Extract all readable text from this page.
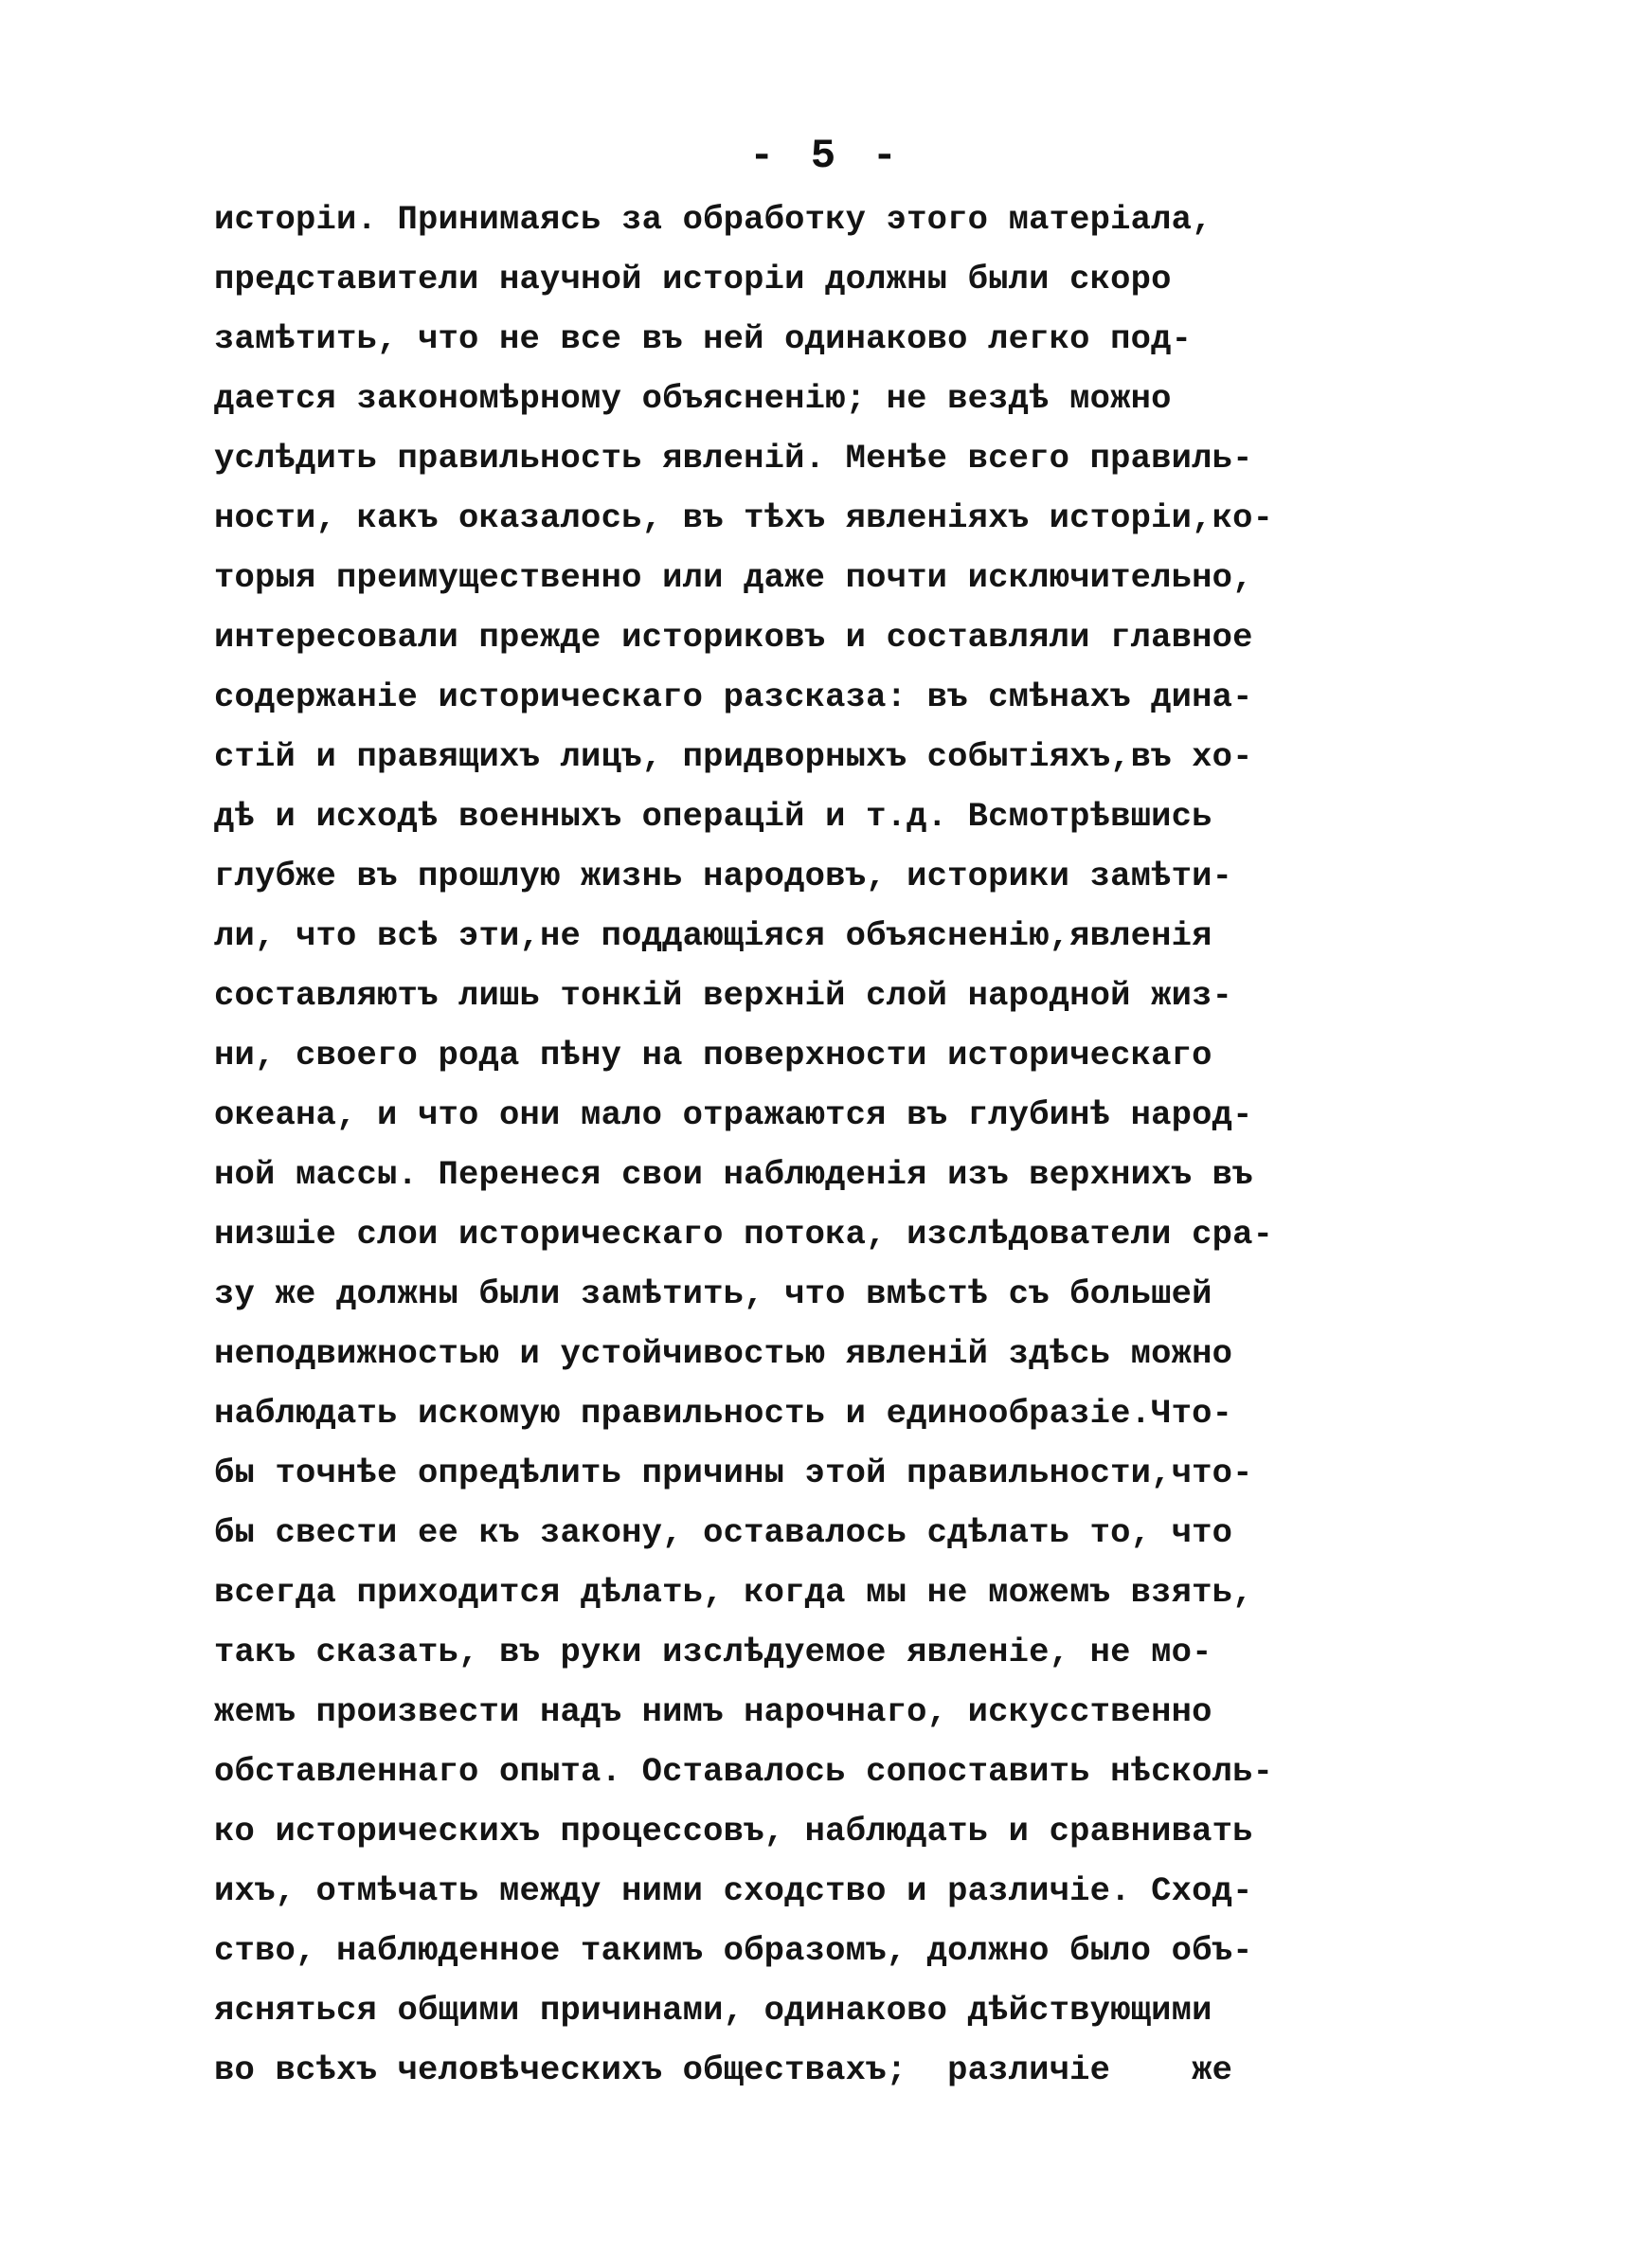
- 5 -
исторіи. Принимаясь за обработку этого матеріала,
представители научной исторіи должны были скоро
замѣтить, что не все въ ней одинаково легко под-
дается закономѣрному объясненію; не вездѣ можно
услѣдить правильность явленій. Менѣе всего правиль-
ности, какъ оказалось, въ тѣхъ явленіяхъ исторіи,ко-
торыя преимущественно или даже почти исключительно,
интересовали прежде историковъ и составляли главное
содержаніе историческаго разсказа: въ смѣнахъ дина-
стій и правящихъ лицъ, придворныхъ событіяхъ,въ хо-
дѣ и исходѣ военныхъ операцій и т.д. Всмотрѣвшись
глубже въ прошлую жизнь народовъ, историки замѣти-
ли, что всѣ эти,не поддающіяся объясненію,явленія
составляютъ лишь тонкій верхній слой народной жиз-
ни, своего рода пѣну на поверхности историческаго
океана, и что они мало отражаются въ глубинѣ народ-
ной массы. Перенеся свои наблюденія изъ верхнихъ въ
низшіе слои историческаго потока, изслѣдователи сра-
зу же должны были замѣтить, что вмѣстѣ съ большей
неподвижностью и устойчивостью явленій здѣсь можно
наблюдать искомую правильность и единообразіе.Что-
бы точнѣе опредѣлить причины этой правильности,что-
бы свести ее къ закону, оставалось сдѣлать то, что
всегда приходится дѣлать, когда мы не можемъ взять,
такъ сказать, въ руки изслѣдуемое явленіе, не мо-
жемъ произвести надъ нимъ нарочнаго, искусственно
обставленнаго опыта. Оставалось сопоставить нѣсколь-
ко историческихъ процессовъ, наблюдать и сравнивать
ихъ, отмѣчать между ними сходство и различіе. Сход-
ство, наблюденное такимъ образомъ, должно было объ-
ясняться общими причинами, одинаково дѣйствующими
во всѣхъ человѣческихъ обществахъ;  различіе    же
